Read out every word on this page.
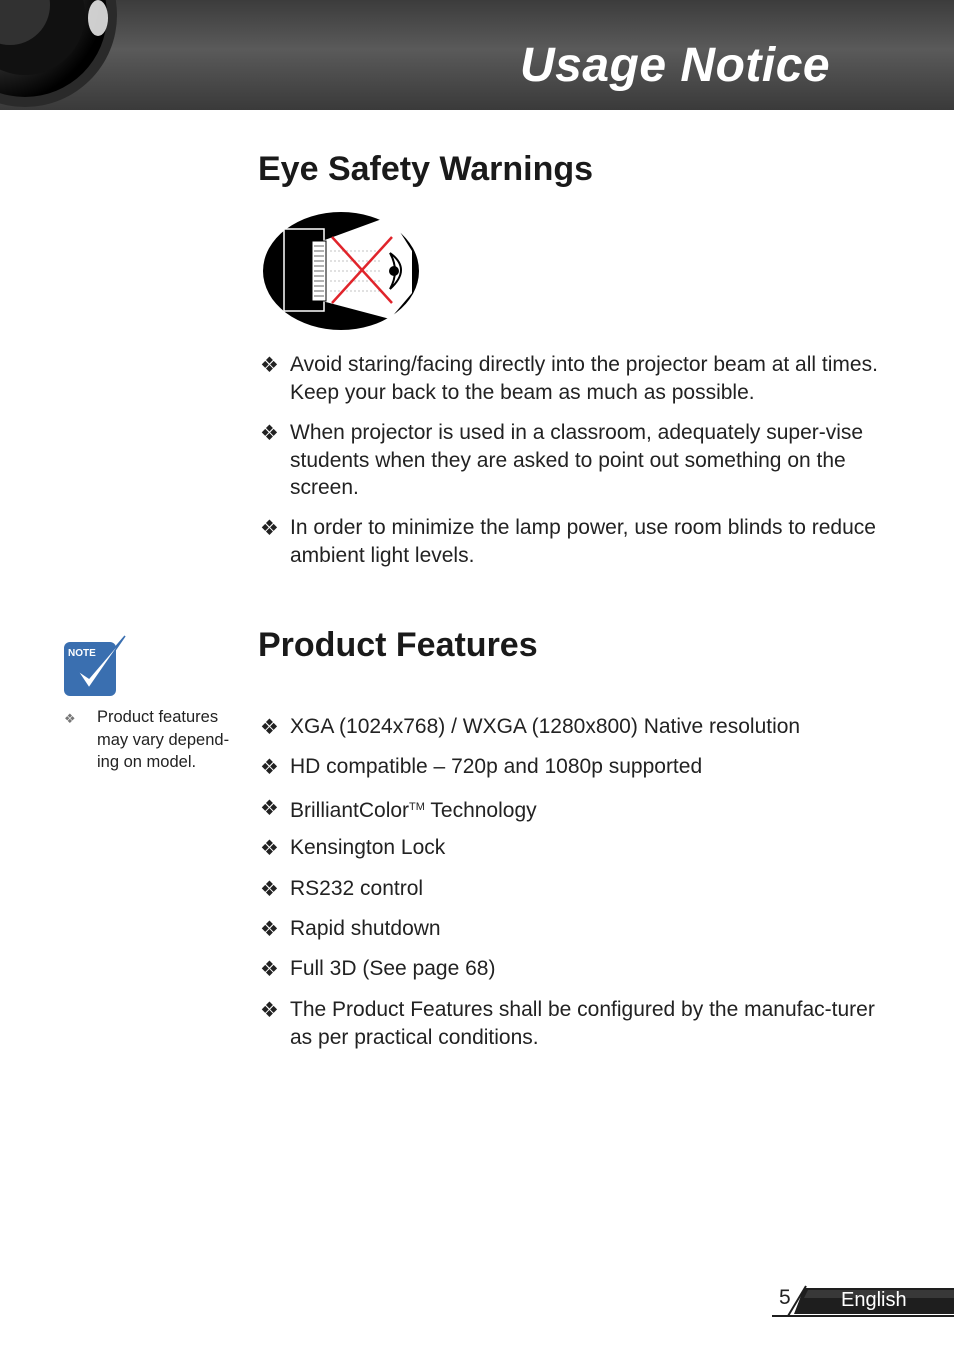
Usage Notice
Eye Safety Warnings
❖ Avoid staring/facing directly into the projector beam at all times. Keep your back to the beam as much as possible.
❖ When projector is used in a classroom, adequately super-vise students when they are asked to point out something on the screen.
❖ In order to minimize the lamp power, use room blinds to reduce ambient light levels.
NOTE
❖ Product features may vary depend-ing on model.
Product Features
❖ XGA (1024x768) / WXGA (1280x800) Native resolution
❖ HD compatible – 720p and 1080p supported
❖ BrilliantColor™ Technology
❖ Kensington Lock
❖ RS232 control
❖ Rapid shutdown
❖ Full 3D (See page 68)
❖ The Product Features shall be configured by the manufac-turer as per practical conditions.
5	English
